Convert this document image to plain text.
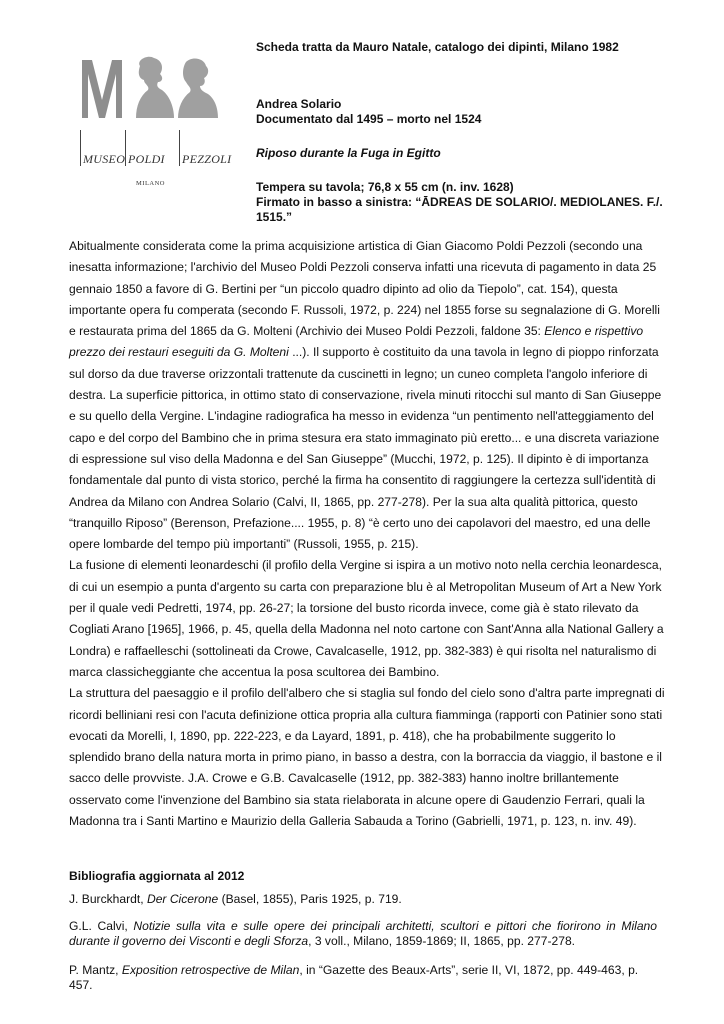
MUSEO POLDI PEZZOLI
MILANO
Scheda tratta da Mauro Natale, catalogo dei dipinti, Milano 1982
Andrea Solario
Documentato dal 1495 – morto nel 1524
Riposo durante la Fuga in Egitto
Tempera su tavola; 76,8 x 55 cm (n. inv. 1628)
Firmato in basso a sinistra: “ĀDREAS DE SOLARIO/. MEDIOLANES. F./. 1515.”

Abitualmente considerata come la prima acquisizione artistica di Gian Giacomo Poldi Pezzoli (secondo una inesatta informazione; l'archivio del Museo Poldi Pezzoli conserva infatti una ricevuta di pagamento in data 25 gennaio 1850 a favore di G. Bertini per “un piccolo quadro dipinto ad olio da Tiepolo”, cat. 154), questa importante opera fu comperata (secondo F. Russoli, 1972, p. 224) nel 1855 forse su segnalazione di G. Morelli e restaurata prima del 1865 da G. Molteni (Archivio dei Museo Poldi Pezzoli, faldone 35: Elenco e rispettivo prezzo dei restauri eseguiti da G. Molteni ...). Il supporto è costituito da una tavola in legno di pioppo rinforzata sul dorso da due traverse orizzontali trattenute da cuscinetti in legno; un cuneo completa l'angolo inferiore di destra. La superficie pittorica, in ottimo stato di conservazione, rivela minuti ritocchi sul manto di San Giuseppe e su quello della Vergine. L'indagine radiografica ha messo in evidenza “un pentimento nell'atteggiamento del capo e del corpo del Bambino che in prima stesura era stato immaginato più eretto... e una discreta variazione di espressione sul viso della Madonna e del San Giuseppe” (Mucchi, 1972, p. 125). Il dipinto è di importanza fondamentale dal punto di vista storico, perché la firma ha consentito di raggiungere la certezza sull'identità di Andrea da Milano con Andrea Solario (Calvi, II, 1865, pp. 277-278). Per la sua alta qualità pittorica, questo “tranquillo Riposo” (Berenson, Prefazione.... 1955, p. 8) “è certo uno dei capolavori del maestro, ed una delle opere lombarde del tempo più importanti” (Russoli, 1955, p. 215).

La fusione di elementi leonardeschi (il profilo della Vergine si ispira a un motivo noto nella cerchia leonardesca, di cui un esempio a punta d'argento su carta con preparazione blu è al Metropolitan Museum of Art a New York per il quale vedi Pedretti, 1974, pp. 26-27; la torsione del busto ricorda invece, come già è stato rilevato da Cogliati Arano [1965], 1966, p. 45, quella della Madonna nel noto cartone con Sant'Anna alla National Gallery a Londra) e raffaelleschi (sottolineati da Crowe, Cavalcaselle, 1912, pp. 382-383) è qui risolta nel naturalismo di marca classicheggiante che accentua la posa scultorea dei Bambino.

La struttura del paesaggio e il profilo dell'albero che si staglia sul fondo del cielo sono d'altra parte impregnati di ricordi belliniani resi con l'acuta definizione ottica propria alla cultura fiamminga (rapporti con Patinier sono stati evocati da Morelli, I, 1890, pp. 222-223, e da Layard, 1891, p. 418), che ha probabilmente suggerito lo splendido brano della natura morta in primo piano, in basso a destra, con la borraccia da viaggio, il bastone e il sacco delle provviste. J.A. Crowe e G.B. Cavalcaselle (1912, pp. 382-383) hanno inoltre brillantemente osservato come l'invenzione del Bambino sia stata rielaborata in alcune opere di Gaudenzio Ferrari, quali la Madonna tra i Santi Martino e Maurizio della Galleria Sabauda a Torino (Gabrielli, 1971, p. 123, n. inv. 49).

Bibliografia aggiornata al 2012
J. Burckhardt, Der Cicerone (Basel, 1855), Paris 1925, p. 719.
G.L. Calvi, Notizie sulla vita e sulle opere dei principali architetti, scultori e pittori che fiorirono in Milano durante il governo dei Visconti e degli Sforza, 3 voll., Milano, 1859-1869; II, 1865, pp. 277-278.
P. Mantz, Exposition retrospective de Milan, in “Gazette des Beaux-Arts”, serie II, VI, 1872, pp. 449-463, p. 457.
